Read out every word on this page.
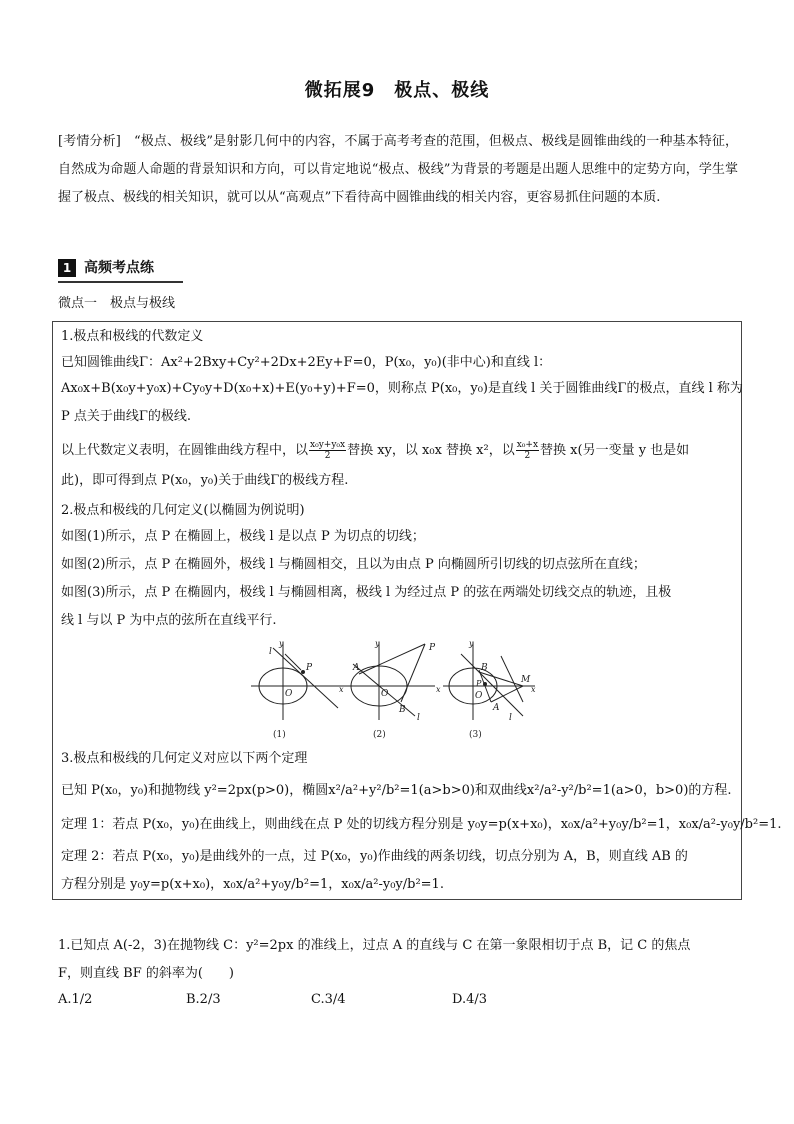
微拓展9　极点、极线
[考情分析]　 “极点、极线”是射影几何中的内容，不属于高考考查的范围，但极点、极线是圆锥曲线的一种基本特征，自然成为命题人命题的背景知识和方向，可以肯定地说“极点、极线”为背景的考题是出题人思维中的定势方向，学生掌握了极点、极线的相关知识，就可以从“高观点”下看待高中圆锥曲线的相关内容，更容易抓住问题的本质.
1 高频考点练
微点一　极点与极线
1.极点和极线的代数定义
已知圆锥曲线Γ：Ax²+2Bxy+Cy²+2Dx+2Ey+F=0，P(x₀，y₀)(非中心)和直线 l：
Ax₀x+B(x₀y+y₀x)+Cy₀y+D(x₀+x)+E(y₀+y)+F=0，则称点 P(x₀，y₀)是直线 l 关于圆锥曲线Γ的极点，直线 l 称为
P 点关于曲线Γ的极线.
以上代数定义表明，在圆锥曲线方程中，以 $\frac{\text{x₀y+y₀x}}{2}$ 替换 xy，以 x₀x 替换 x²，以 $\frac{\text{x₀+x}}{2}$ 替换 x(另一变量 y 也是如
此)，即可得到点 P(x₀，y₀)关于曲线Γ的极线方程.
2.极点和极线的几何定义(以椭圆为例说明)
如图(1)所示，点 P 在椭圆上，极线 l 是以点 P 为切点的切线；
如图(2)所示，点 P 在椭圆外，极线 l 与椭圆相交，且以为由点 P 向椭圆所引切线的切点弦所在直线；
如图(3)所示，点 P 在椭圆内，极线 l 与椭圆相离，极线 l 为经过点 P 的弦在两端处切线交点的轨迹，且极
线 l 与以 P 为中点的弦所在直线平行.
y
l
P
O	x
(1)
y
A
P
O
B
l
x
(2)
y
B
P
O
A
M
l
x
(3)
3.极点和极线的几何定义对应以下两个定理
已知 P(x₀，y₀)和抛物线 y²=2px(p>0)，椭圆x²/a²+y²/b²=1(a>b>0)和双曲线x²/a²-y²/b²=1(a>0，b>0)的方程.
定理 1：若点 P(x₀，y₀)在曲线上，则曲线在点 P 处的切线方程分别是 y₀y=p(x+x₀)，x₀x/a²+y₀y/b²=1，x₀x/a²-y₀y/b²=1.
定理 2：若点 P(x₀，y₀)是曲线外的一点，过 P(x₀，y₀)作曲线的两条切线，切点分别为 A，B，则直线 AB 的
方程分别是 y₀y=p(x+x₀)，x₀x/a²+y₀y/b²=1，x₀x/a²-y₀y/b²=1.
1.已知点 A(-2，3)在抛物线 C：y²=2px 的准线上，过点 A 的直线与 C 在第一象限相切于点 B，记 C 的焦点
F，则直线 BF 的斜率为(　　)
A.1/2	B.2/3	C.3/4	D.4/3
